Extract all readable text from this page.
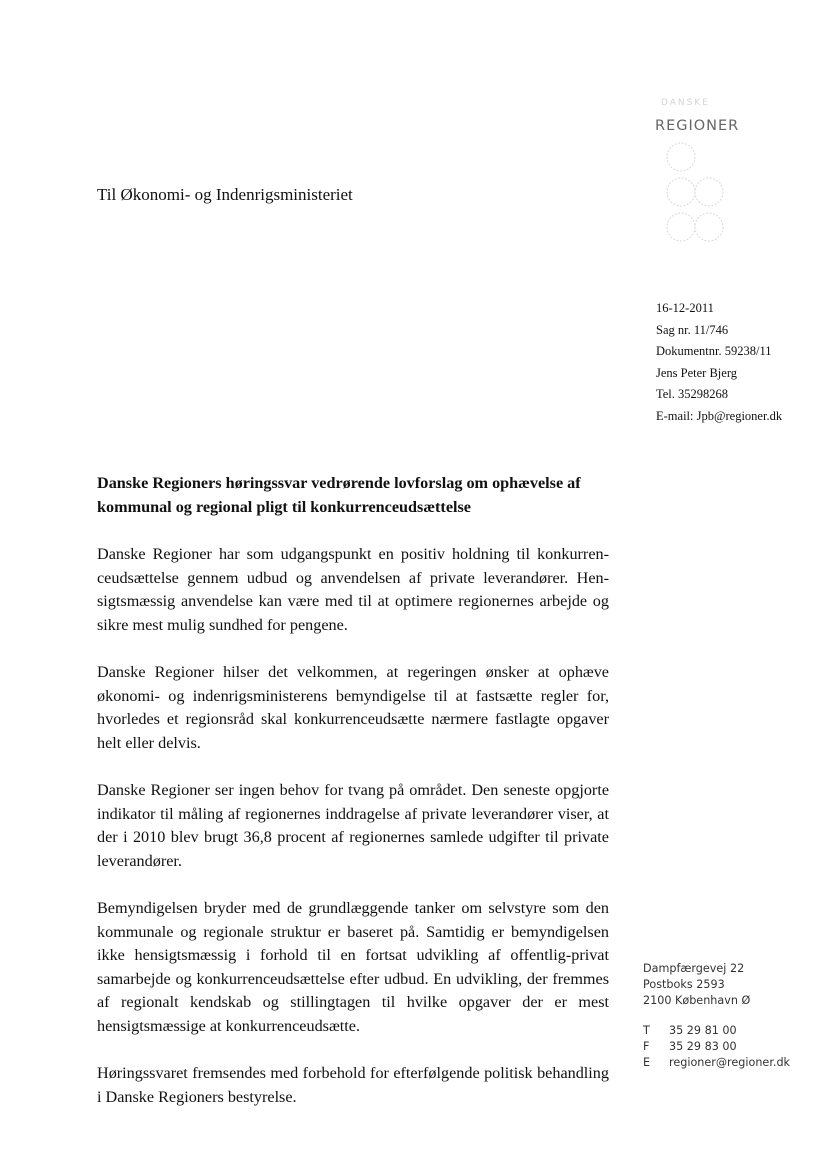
DANSKE
REGIONER
Til Økonomi- og Indenrigsministeriet
16-12-2011
Sag nr. 11/746
Dokumentnr. 59238/11
Jens Peter Bjerg
Tel. 35298268
E-mail: Jpb@regioner.dk
Danske Regioners høringssvar vedrørende lovforslag om ophævelse af kommunal og regional pligt til konkurrenceudsættelse

Danske Regioner har som udgangspunkt en positiv holdning til konkurrenceudsættelse gennem udbud og anvendelsen af private leverandører. Hensigtsmæssig anvendelse kan være med til at optimere regionernes arbejde og sikre mest mulig sundhed for pengene.

Danske Regioner hilser det velkommen, at regeringen ønsker at ophæve økonomi- og indenrigsministerens bemyndigelse til at fastsætte regler for, hvorledes et regionsråd skal konkurrenceudsætte nærmere fastlagte opgaver helt eller delvis.

Danske Regioner ser ingen behov for tvang på området. Den seneste opgjorte indikator til måling af regionernes inddragelse af private leverandører viser, at der i 2010 blev brugt 36,8 procent af regionernes samlede udgifter til private leverandører.

Bemyndigelsen bryder med de grundlæggende tanker om selvstyre som den kommunale og regionale struktur er baseret på. Samtidig er bemyndigelsen ikke hensigtsmæssig i forhold til en fortsat udvikling af offentlig-privat samarbejde og konkurrenceudsættelse efter udbud. En udvikling, der fremmes af regionalt kendskab og stillingtagen til hvilke opgaver der er mest hensigtsmæssige at konkurrenceudsætte.

Høringssvaret fremsendes med forbehold for efterfølgende politisk behandling i Danske Regioners bestyrelse.

Dampfærgevej 22
Postboks 2593
2100 København Ø
T	35 29 81 00
F	35 29 83 00
E	regioner@regioner.dk
